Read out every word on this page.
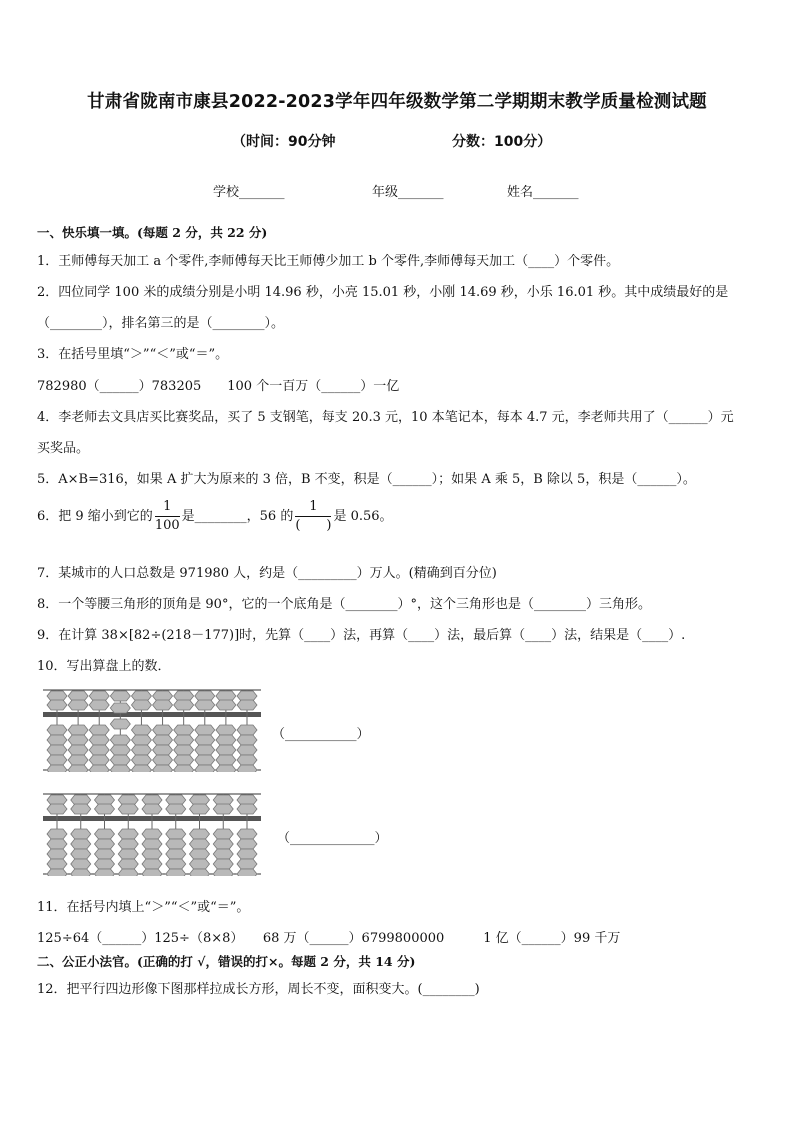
甘肃省陇南市康县2022-2023学年四年级数学第二学期期末教学质量检测试题
（时间：90分钟	分数：100分）
学校_______	年级_______	姓名_______
一、快乐填一填。(每题 2 分，共 22 分)
1．王师傅每天加工 a 个零件,李师傅每天比王师傅少加工 b 个零件,李师傅每天加工（____）个零件。
2．四位同学 100 米的成绩分别是小明 14.96 秒，小亮 15.01 秒，小刚 14.69 秒，小乐 16.01 秒。其中成绩最好的是
（________），排名第三的是（________）。
3．在括号里填“＞”“＜”或“＝”。
782980（______）783205　　100 个一百万（______）一亿
4．李老师去文具店买比赛奖品，买了 5 支钢笔，每支 20.3 元，10 本笔记本，每本 4.7 元，李老师共用了（______）元
买奖品。
5．A×B=316，如果 A 扩大为原来的 3 倍，B 不变，积是（______）；如果 A 乘 5，B 除以 5，积是（______）。
6．把 9 缩小到它的 $\frac{1}{100}$ 是________，56 的 $\frac{1}{( )}$ 是 0.56。
7．某城市的人口总数是 971980 人，约是（_________）万人。(精确到百分位)
8．一个等腰三角形的顶角是 90°，它的一个底角是（________）°，这个三角形也是（________）三角形。
9．在计算 38×[82÷(218－177)]时，先算（____）法，再算（____）法，最后算（____）法，结果是（____）.
10．写出算盘上的数．
（___________）
（_____________）
11．在括号内填上“＞”“＜”或“＝”。
125÷64（______）125÷（8×8）　　68 万（______）6799800000　　　1 亿（______）99 千万
二、公正小法官。(正确的打 √，错误的打×。每题 2 分，共 14 分)
12．把平行四边形像下图那样拉成长方形，周长不变，面积变大。(________)
